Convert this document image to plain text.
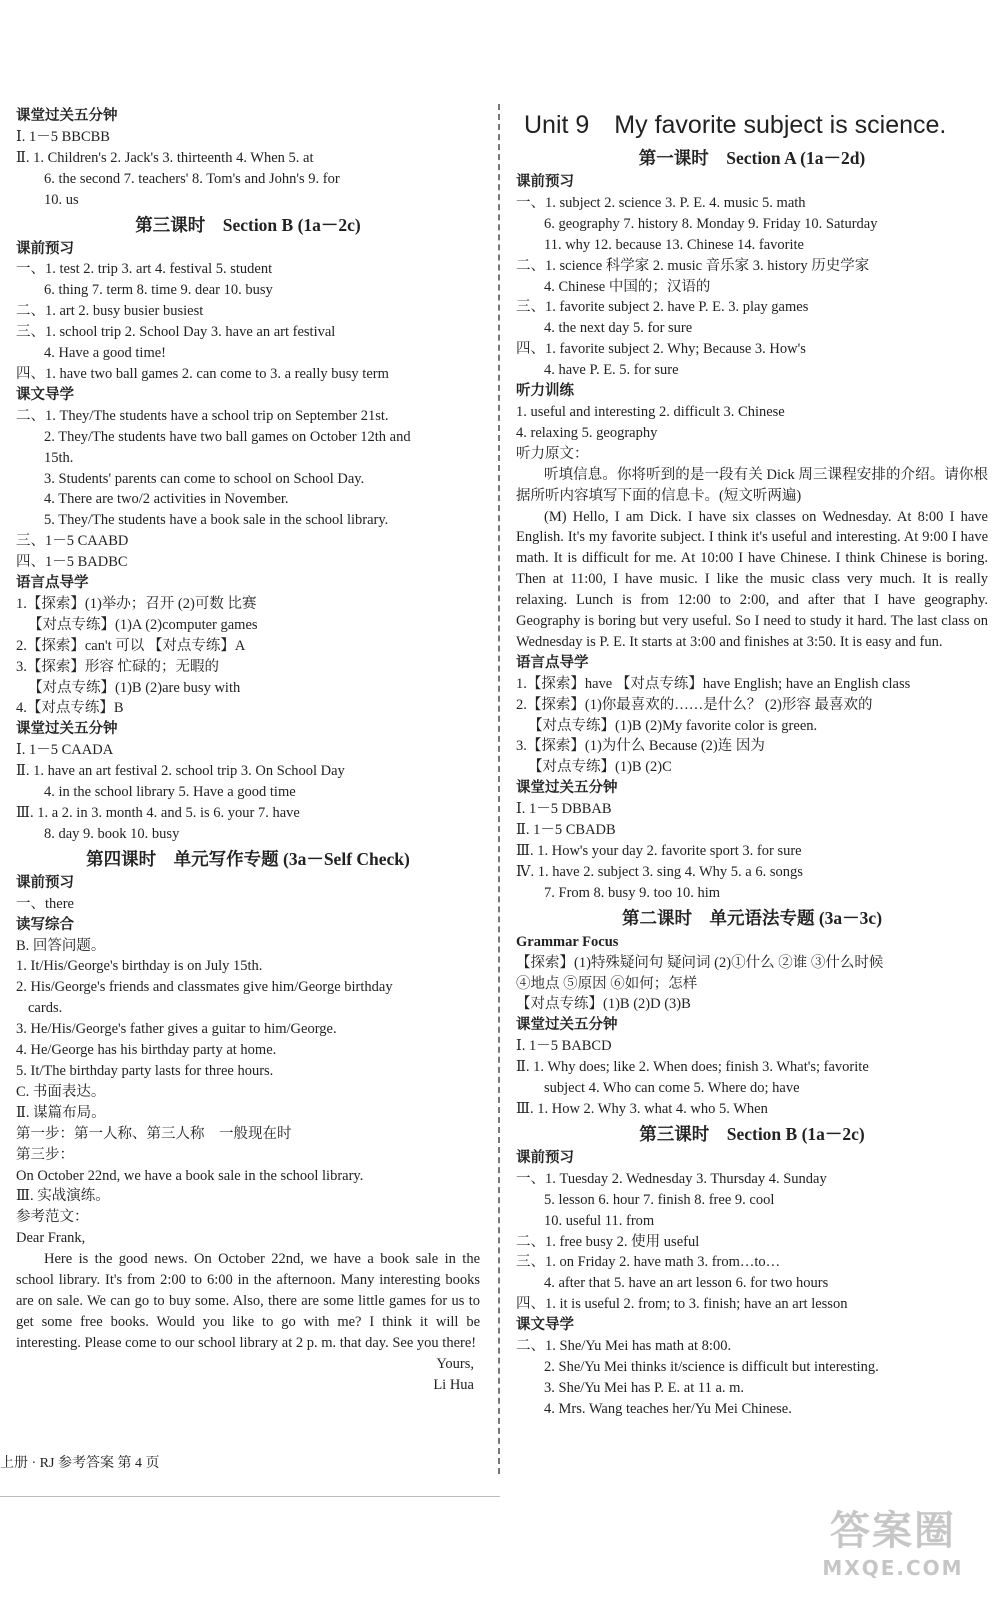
课堂过关五分钟
Ⅰ. 1－5 BBCBB
Ⅱ. 1. Children's 2. Jack's 3. thirteenth 4. When 5. at
6. the second 7. teachers' 8. Tom's and John's 9. for
10. us
第三课时　Section B (1a－2c)
课前预习
一、1. test 2. trip 3. art 4. festival 5. student
6. thing 7. term 8. time 9. dear 10. busy
二、1. art 2. busy busier busiest
三、1. school trip 2. School Day 3. have an art festival
4. Have a good time!
四、1. have two ball games 2. can come to 3. a really busy term
课文导学
二、1. They/The students have a school trip on September 21st.
2. They/The students have two ball games on October 12th and
15th.
3. Students' parents can come to school on School Day.
4. There are two/2 activities in November.
5. They/The students have a book sale in the school library.
三、1－5 CAABD
四、1－5 BADBC
语言点导学
1.【探索】(1)举办；召开 (2)可数 比赛
【对点专练】(1)A (2)computer games
2.【探索】can't 可以 【对点专练】A
3.【探索】形容 忙碌的；无暇的
【对点专练】(1)B (2)are busy with
4.【对点专练】B
课堂过关五分钟
Ⅰ. 1－5 CAADA
Ⅱ. 1. have an art festival 2. school trip 3. On School Day
4. in the school library 5. Have a good time
Ⅲ. 1. a 2. in 3. month 4. and 5. is 6. your 7. have
8. day 9. book 10. busy
第四课时　单元写作专题 (3a－Self Check)
课前预习
一、there
读写综合
B. 回答问题。
1. It/His/George's birthday is on July 15th.
2. His/George's friends and classmates give him/George birthday
cards.
3. He/His/George's father gives a guitar to him/George.
4. He/George has his birthday party at home.
5. It/The birthday party lasts for three hours.
C. 书面表达。
Ⅱ. 谋篇布局。
第一步：第一人称、第三人称　一般现在时
第三步：
On October 22nd, we have a book sale in the school library.
Ⅲ. 实战演练。
参考范文：
Dear Frank,
Here is the good news. On October 22nd, we have a book sale in the school library. It's from 2:00 to 6:00 in the afternoon. Many interesting books are on sale. We can go to buy some. Also, there are some little games for us to get some free books. Would you like to go with me? I think it will be interesting. Please come to our school library at 2 p. m. that day. See you there!
Yours,
Li Hua
Unit 9　My favorite subject is science.
第一课时　Section A (1a－2d)
课前预习
一、1. subject 2. science 3. P. E. 4. music 5. math
6. geography 7. history 8. Monday 9. Friday 10. Saturday
11. why 12. because 13. Chinese 14. favorite
二、1. science 科学家 2. music 音乐家 3. history 历史学家
4. Chinese 中国的；汉语的
三、1. favorite subject 2. have P. E. 3. play games
4. the next day 5. for sure
四、1. favorite subject 2. Why; Because 3. How's
4. have P. E. 5. for sure
听力训练
1. useful and interesting 2. difficult 3. Chinese
4. relaxing 5. geography
听力原文：
听填信息。你将听到的是一段有关 Dick 周三课程安排的介绍。请你根据所听内容填写下面的信息卡。(短文听两遍)
(M) Hello, I am Dick. I have six classes on Wednesday. At 8:00 I have English. It's my favorite subject. I think it's useful and interesting. At 9:00 I have math. It is difficult for me. At 10:00 I have Chinese. I think Chinese is boring. Then at 11:00, I have music. I like the music class very much. It is really relaxing. Lunch is from 12:00 to 2:00, and after that I have geography. Geography is boring but very useful. So I need to study it hard. The last class on Wednesday is P. E. It starts at 3:00 and finishes at 3:50. It is easy and fun.
语言点导学
1.【探索】have 【对点专练】have English; have an English class
2.【探索】(1)你最喜欢的……是什么？ (2)形容 最喜欢的
【对点专练】(1)B (2)My favorite color is green.
3.【探索】(1)为什么 Because (2)连 因为
【对点专练】(1)B (2)C
课堂过关五分钟
Ⅰ. 1－5 DBBAB
Ⅱ. 1－5 CBADB
Ⅲ. 1. How's your day 2. favorite sport 3. for sure
Ⅳ. 1. have 2. subject 3. sing 4. Why 5. a 6. songs
7. From 8. busy 9. too 10. him
第二课时　单元语法专题 (3a－3c)
Grammar Focus
【探索】(1)特殊疑问句 疑问词 (2)①什么 ②谁 ③什么时候
④地点 ⑤原因 ⑥如何；怎样
【对点专练】(1)B (2)D (3)B
课堂过关五分钟
Ⅰ. 1－5 BABCD
Ⅱ. 1. Why does; like 2. When does; finish 3. What's; favorite
subject 4. Who can come 5. Where do; have
Ⅲ. 1. How 2. Why 3. what 4. who 5. When
第三课时　Section B (1a－2c)
课前预习
一、1. Tuesday 2. Wednesday 3. Thursday 4. Sunday
5. lesson 6. hour 7. finish 8. free 9. cool
10. useful 11. from
二、1. free busy 2. 使用 useful
三、1. on Friday 2. have math 3. from…to…
4. after that 5. have an art lesson 6. for two hours
四、1. it is useful 2. from; to 3. finish; have an art lesson
课文导学
二、1. She/Yu Mei has math at 8:00.
2. She/Yu Mei thinks it/science is difficult but interesting.
3. She/Yu Mei has P. E. at 11 a. m.
4. Mrs. Wang teaches her/Yu Mei Chinese.
上册 · RJ 参考答案 第 4 页
答案圈
MXQE.COM
